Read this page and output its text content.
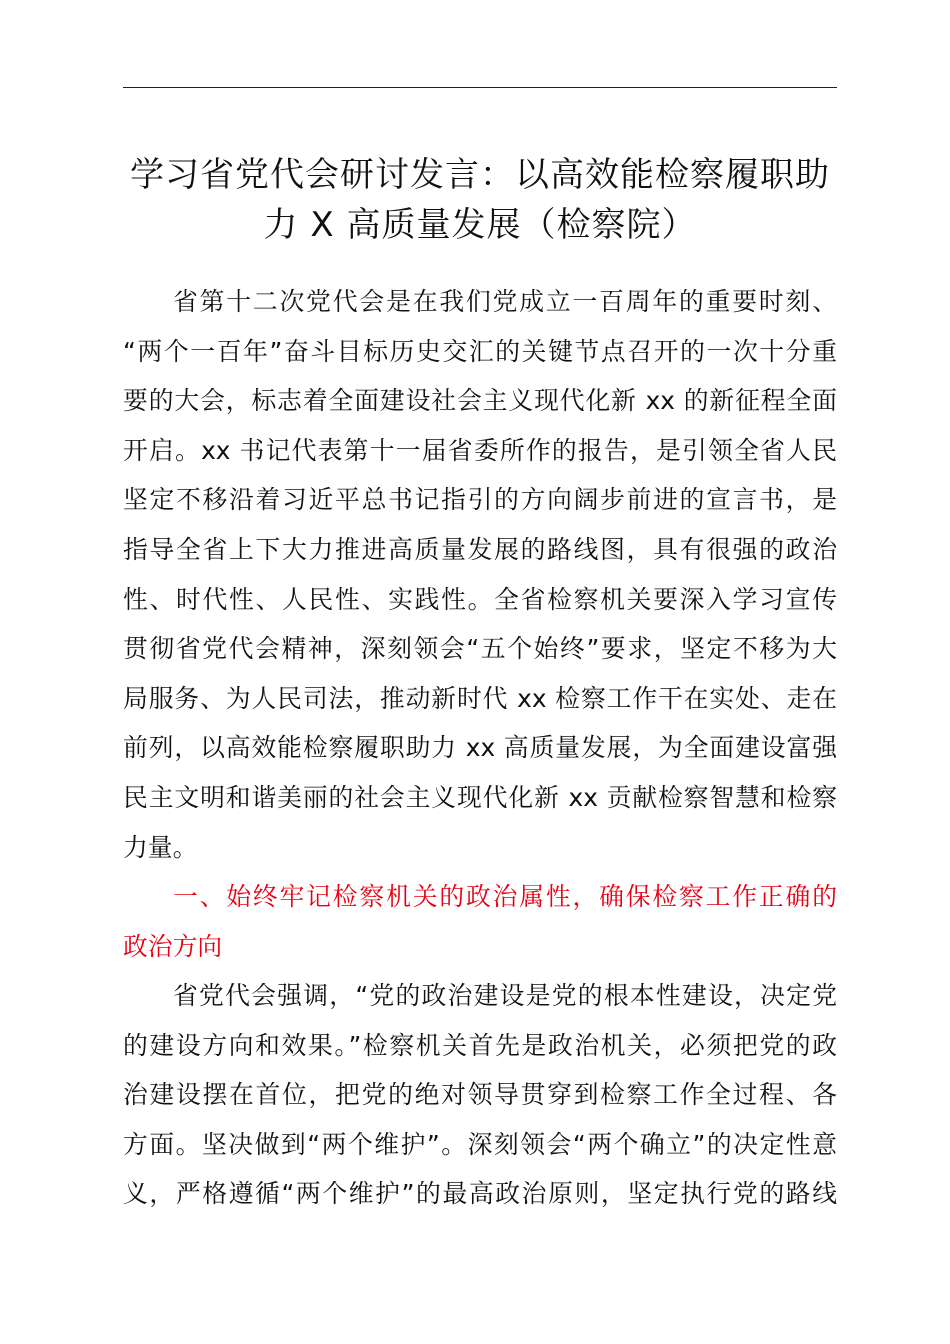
学习省党代会研讨发言：以高效能检察履职助
力 X 高质量发展（检察院）
省第十二次党代会是在我们党成立一百周年的重要时刻、
“两个一百年”奋斗目标历史交汇的关键节点召开的一次十分重
要的大会，标志着全面建设社会主义现代化新 xx 的新征程全面
开启。xx 书记代表第十一届省委所作的报告，是引领全省人民
坚定不移沿着习近平总书记指引的方向阔步前进的宣言书，是
指导全省上下大力推进高质量发展的路线图，具有很强的政治
性、时代性、人民性、实践性。全省检察机关要深入学习宣传
贯彻省党代会精神，深刻领会“五个始终”要求，坚定不移为大
局服务、为人民司法，推动新时代 xx 检察工作干在实处、走在
前列，以高效能检察履职助力 xx 高质量发展，为全面建设富强
民主文明和谐美丽的社会主义现代化新 xx 贡献检察智慧和检察
力量。
一、始终牢记检察机关的政治属性，确保检察工作正确的
政治方向
省党代会强调，“党的政治建设是党的根本性建设，决定党
的建设方向和效果。”检察机关首先是政治机关，必须把党的政
治建设摆在首位，把党的绝对领导贯穿到检察工作全过程、各
方面。坚决做到“两个维护”。深刻领会“两个确立”的决定性意
义，严格遵循“两个维护”的最高政治原则，坚定执行党的路线
